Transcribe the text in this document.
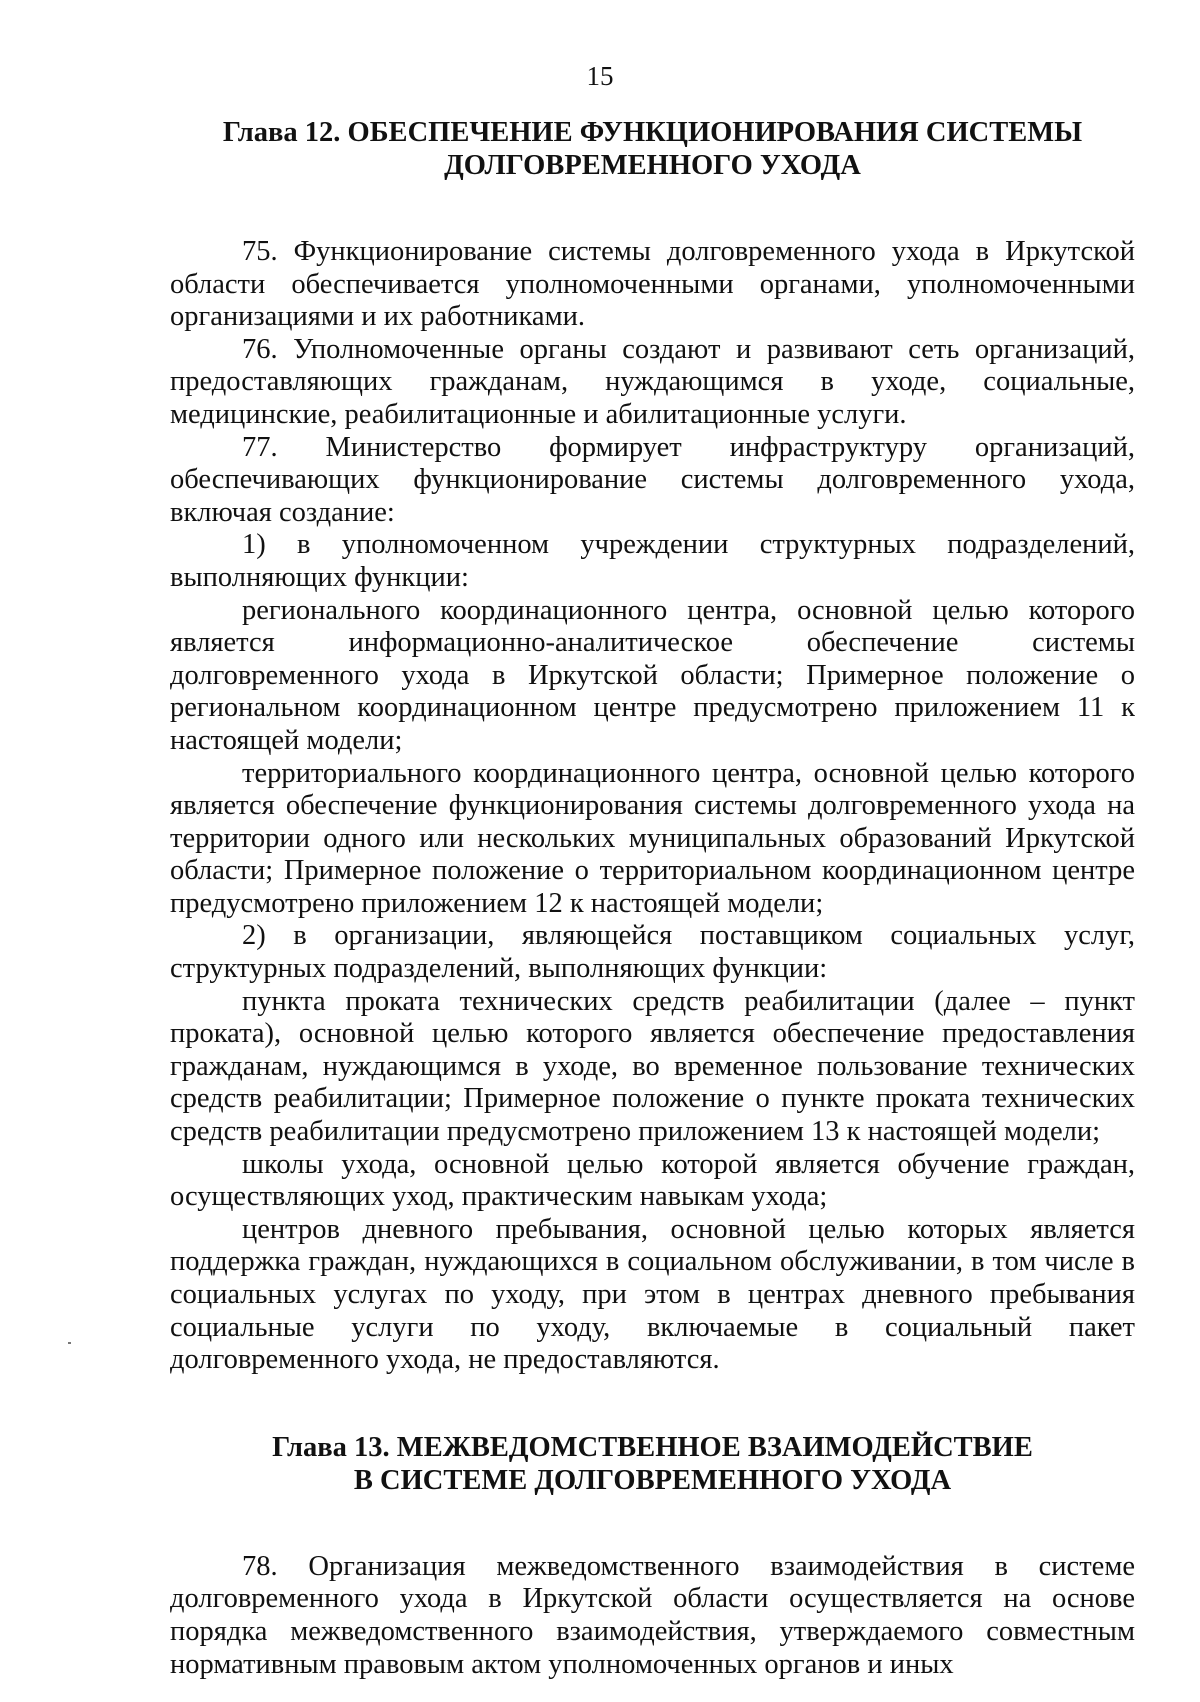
15
Глава 12. ОБЕСПЕЧЕНИЕ ФУНКЦИОНИРОВАНИЯ СИСТЕМЫ
ДОЛГОВРЕМЕННОГО УХОДА

75. Функционирование системы долговременного ухода в Иркутской области обеспечивается уполномоченными органами, уполномоченными организациями и их работниками.

76. Уполномоченные органы создают и развивают сеть организаций, предоставляющих гражданам, нуждающимся в уходе, социальные, медицинские, реабилитационные и абилитационные услуги.

77. Министерство формирует инфраструктуру организаций, обеспечивающих функционирование системы долговременного ухода, включая создание:

1) в уполномоченном учреждении структурных подразделений, выполняющих функции:

регионального координационного центра, основной целью которого является информационно-аналитическое обеспечение системы долговременного ухода в Иркутской области; Примерное положение о региональном координационном центре предусмотрено приложением 11 к настоящей модели;

территориального координационного центра, основной целью которого является обеспечение функционирования системы долговременного ухода на территории одного или нескольких муниципальных образований Иркутской области; Примерное положение о территориальном координационном центре предусмотрено приложением 12 к настоящей модели;

2) в организации, являющейся поставщиком социальных услуг, структурных подразделений, выполняющих функции:

пункта проката технических средств реабилитации (далее – пункт проката), основной целью которого является обеспечение предоставления гражданам, нуждающимся в уходе, во временное пользование технических средств реабилитации; Примерное положение о пункте проката технических средств реабилитации предусмотрено приложением 13 к настоящей модели;

школы ухода, основной целью которой является обучение граждан, осуществляющих уход, практическим навыкам ухода;

центров дневного пребывания, основной целью которых является поддержка граждан, нуждающихся в социальном обслуживании, в том числе в социальных услугах по уходу, при этом в центрах дневного пребывания социальные услуги по уходу, включаемые в социальный пакет долговременного ухода, не предоставляются.

Глава 13. МЕЖВЕДОМСТВЕННОЕ ВЗАИМОДЕЙСТВИЕ
В СИСТЕМЕ ДОЛГОВРЕМЕННОГО УХОДА

78. Организация межведомственного взаимодействия в системе долговременного ухода в Иркутской области осуществляется на основе порядка межведомственного взаимодействия, утверждаемого совместным нормативным правовым актом уполномоченных органов и иных
